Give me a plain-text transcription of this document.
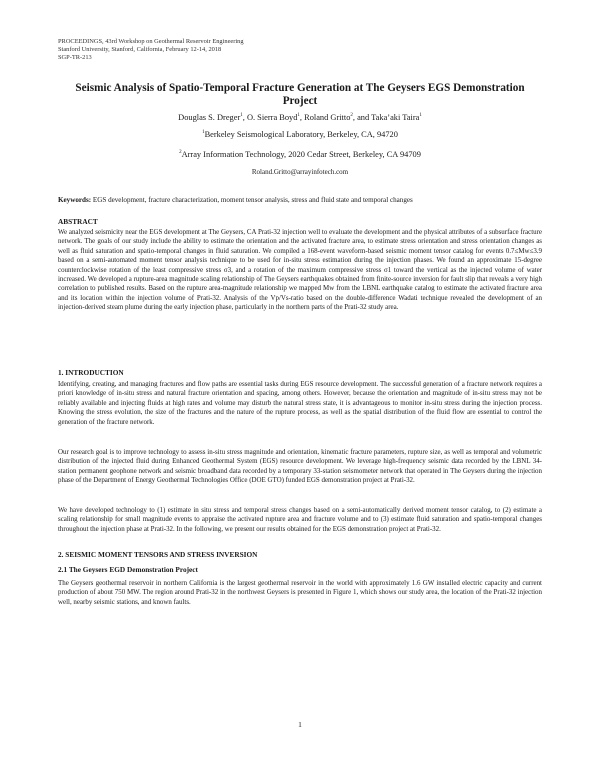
PROCEEDINGS, 43rd Workshop on Geothermal Reservoir Engineering
Stanford University, Stanford, California, February 12-14, 2018
SGP-TR-213
Seismic Analysis of Spatio-Temporal Fracture Generation at The Geysers EGS Demonstration Project
Douglas S. Dreger$^1$, O. Sierra Boyd$^1$, Roland Gritto$^2$, and Taka’aki Taira$^1$
$^1$Berkeley Seismological Laboratory, Berkeley, CA, 94720
$^2$Array Information Technology, 2020 Cedar Street, Berkeley, CA 94709
Roland.Gritto@arrayinfotech.com
Keywords: EGS development, fracture characterization, moment tensor analysis, stress and fluid state and temporal changes
ABSTRACT

We analyzed seismicity near the EGS development at The Geysers, CA Prati-32 injection well to evaluate the development and the physical attributes of a subsurface fracture network. The goals of our study include the ability to estimate the orientation and the activated fracture area, to estimate stress orientation and stress orientation changes as well as fluid saturation and spatio-temporal changes in fluid saturation. We compiled a 168-event waveform-based seismic moment tensor catalog for events 0.7≤Mw≤3.9 based on a semi-automated moment tensor analysis technique to be used for in-situ stress estimation during the injection phases. We found an approximate 15-degree counterclockwise rotation of the least compressive stress σ3, and a rotation of the maximum compressive stress σ1 toward the vertical as the injected volume of water increased. We developed a rupture-area magnitude scaling relationship of The Geysers earthquakes obtained from finite-source inversion for fault slip that reveals a very high correlation to published results. Based on the rupture area-magnitude relationship we mapped Mw from the LBNL earthquake catalog to estimate the activated fracture area and its location within the injection volume of Prati-32. Analysis of the Vp/Vs-ratio based on the double-difference Wadati technique revealed the development of an injection-derived steam plume during the early injection phase, particularly in the northern parts of the Prati-32 study area.

1. INTRODUCTION

Identifying, creating, and managing fractures and flow paths are essential tasks during EGS resource development. The successful generation of a fracture network requires a priori knowledge of in-situ stress and natural fracture orientation and spacing, among others. However, because the orientation and magnitude of in-situ stress may not be reliably available and injecting fluids at high rates and volume may disturb the natural stress state, it is advantageous to monitor in-situ stress during the injection process. Knowing the stress evolution, the size of the fractures and the nature of the rupture process, as well as the spatial distribution of the fluid flow are essential to control the generation of the fracture network.

Our research goal is to improve technology to assess in-situ stress magnitude and orientation, kinematic fracture parameters, rupture size, as well as temporal and volumetric distribution of the injected fluid during Enhanced Geothermal System (EGS) resource development. We leverage high-frequency seismic data recorded by the LBNL 34-station permanent geophone network and seismic broadband data recorded by a temporary 33-station seismometer network that operated in The Geysers during the injection phase of the Department of Energy Geothermal Technologies Office (DOE GTO) funded EGS demonstration project at Prati-32.

We have developed technology to (1) estimate in situ stress and temporal stress changes based on a semi-automatically derived moment tensor catalog, to (2) estimate a scaling relationship for small magnitude events to appraise the activated rupture area and fracture volume and to (3) estimate fluid saturation and spatio-temporal changes throughout the injection phase at Prati-32. In the following, we present our results obtained for the EGS demonstration project at Prati-32.

2. SEISMIC MOMENT TENSORS AND STRESS INVERSION
2.1 The Geysers EGD Demonstration Project

The Geysers geothermal reservoir in northern California is the largest geothermal reservoir in the world with approximately 1.6 GW installed electric capacity and current production of about 750 MW. The region around Prati-32 in the northwest Geysers is presented in Figure 1, which shows our study area, the location of the Prati-32 injection well, nearby seismic stations, and known faults.

1
